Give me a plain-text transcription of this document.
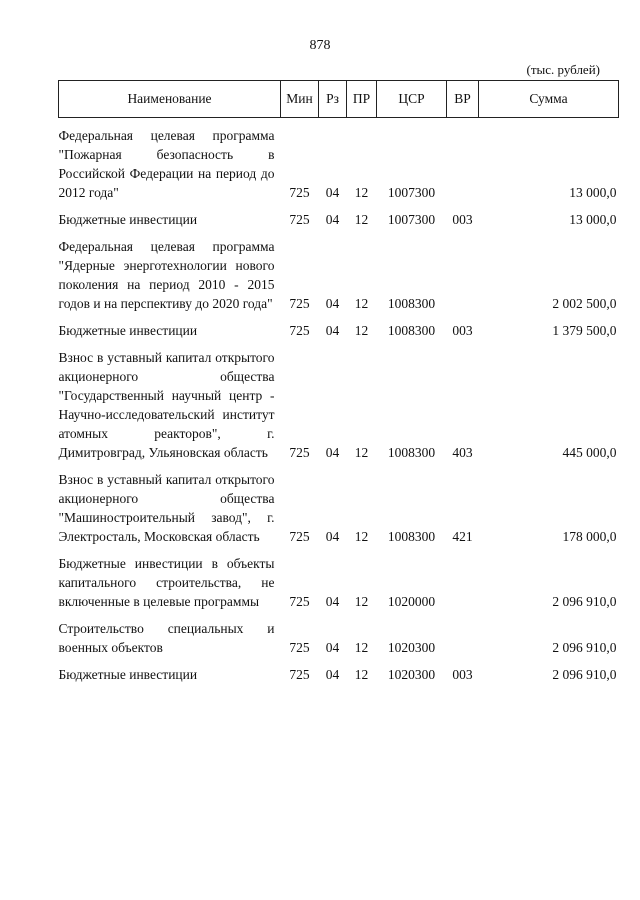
878
(тыс. рублей)
Наименование	Мин	Рз	ПР	ЦСР	ВР	Сумма
Федеральная целевая программа "Пожарная безопасность в Российской Федерации на период до 2012 года"	725	04	12	1007300		13 000,0
Бюджетные инвестиции	725	04	12	1007300	003	13 000,0
Федеральная целевая программа "Ядерные энерготехнологии нового поколения на период 2010 - 2015 годов и на перспективу до 2020 года"	725	04	12	1008300		2 002 500,0
Бюджетные инвестиции	725	04	12	1008300	003	1 379 500,0
Взнос в уставный капитал открытого акционерного общества "Государственный научный центр - Научно-исследовательский институт атомных реакторов", г. Димитровград, Ульяновская область	725	04	12	1008300	403	445 000,0
Взнос в уставный капитал открытого акционерного общества "Машиностроительный завод", г. Электросталь, Московская область	725	04	12	1008300	421	178 000,0
Бюджетные инвестиции в объекты капитального строительства, не включенные в целевые программы	725	04	12	1020000		2 096 910,0
Строительство специальных и военных объектов	725	04	12	1020300		2 096 910,0
Бюджетные инвестиции	725	04	12	1020300	003	2 096 910,0
